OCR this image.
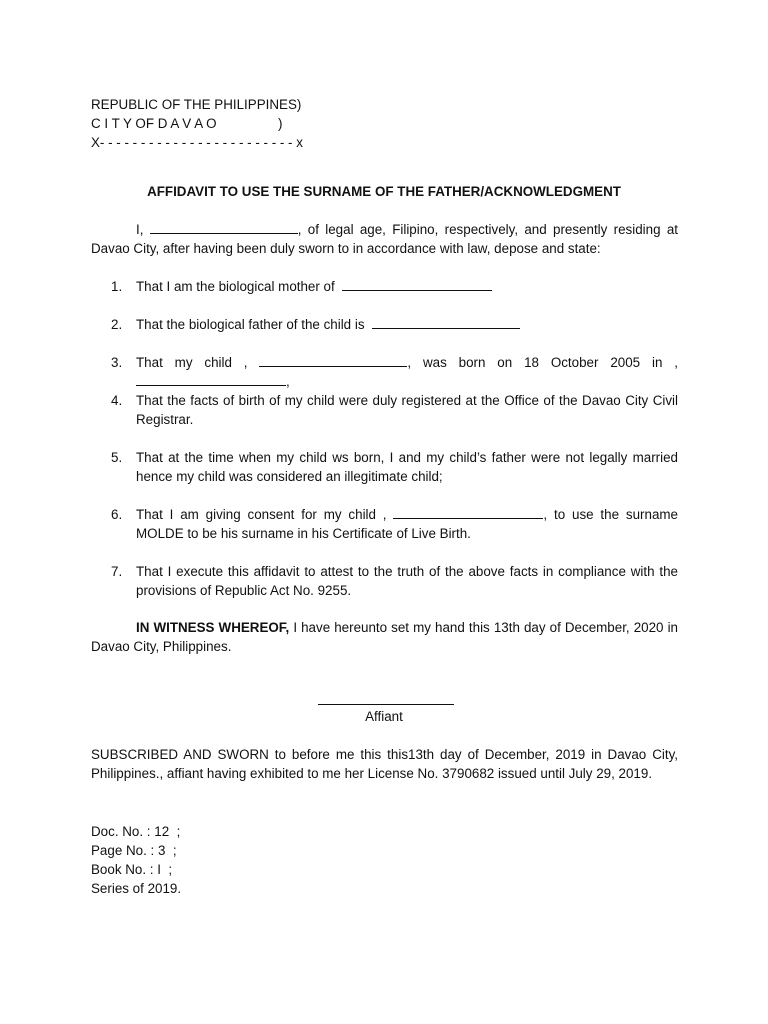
REPUBLIC OF THE PHILIPPINES)
C I T Y OF D A V A O	)
X- - - - - - - - - - - - - - - - - - - - - - - - x
AFFIDAVIT TO USE THE SURNAME OF THE FATHER/ACKNOWLEDGMENT
I,	, of legal age, Filipino, respectively, and presently residing at Davao City, after having been duly sworn to in accordance with law, depose and state:
1.	That I am the biological mother of
2.	That the biological father of the child is
3.	That my child ,	, was born on 18 October 2005 in ,
,
4.	That the facts of birth of my child were duly registered at the Office of the Davao City Civil Registrar.
5.	That at the time when my child ws born, I and my child’s father were not legally married hence my child was considered an illegitimate child;
6.	That I am giving consent for my child ,	, to use the surname MOLDE to be his surname in his Certificate of Live Birth.
7.	That I execute this affidavit to attest to the truth of the above facts in compliance with the provisions of Republic Act No. 9255.
IN WITNESS WHEREOF, I have hereunto set my hand this 13th day of December, 2020 in Davao City, Philippines.
Affiant
SUBSCRIBED AND SWORN to before me this this13th day of December, 2019 in Davao City, Philippines., affiant having exhibited to me her License No. 3790682 issued until July 29, 2019.
Doc. No. : 12  ;
Page No. : 3  ;
Book No. : I  ;
Series of 2019.
